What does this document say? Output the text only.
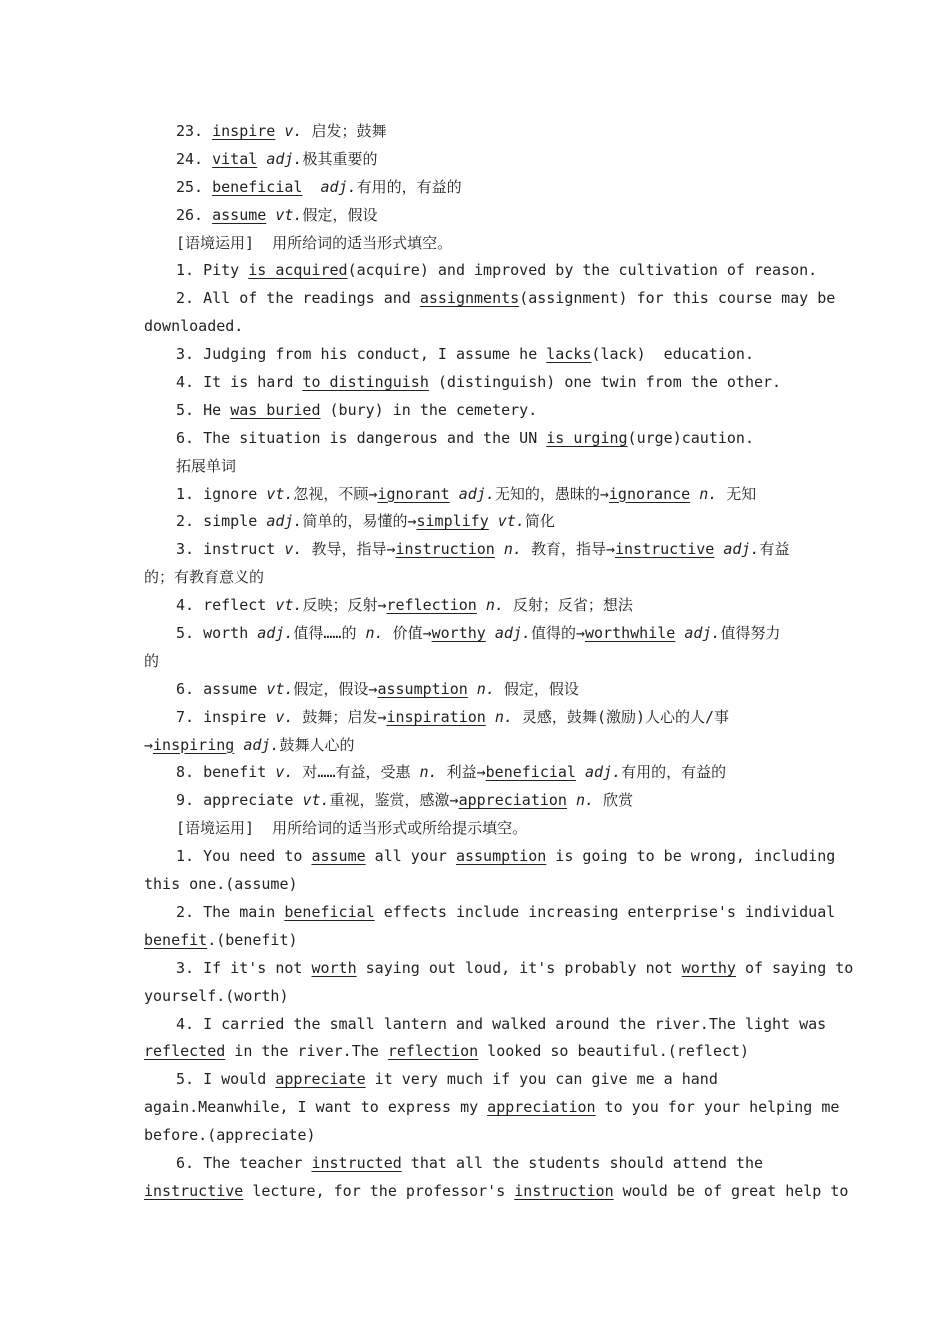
23. inspire v. 启发；鼓舞
24. vital adj.极其重要的
25. beneficial adj.有用的，有益的
26. assume vt.假定，假设
[语境运用]  用所给词的适当形式填空。
1. Pity is acquired(acquire) and improved by the cultivation of reason.
2. All of the readings and assignments(assignment) for this course may be
downloaded.
3. Judging from his conduct, I assume he lacks(lack)  education.
4. It is hard to distinguish (distinguish) one twin from the other.
5. He was buried (bury) in the cemetery.
6. The situation is dangerous and the UN is urging(urge)caution.
拓展单词
1. ignore vt.忽视，不顾→ignorant adj.无知的，愚昧的→ignorance n. 无知
2. simple adj.简单的，易懂的→simplify vt.简化
3. instruct v. 教导，指导→instruction n. 教育，指导→instructive adj.有益
的；有教育意义的
4. reflect vt.反映；反射→reflection n. 反射；反省；想法
5. worth adj.值得……的 n. 价值→worthy adj.值得的→worthwhile adj.值得努力
的
6. assume vt.假定，假设→assumption n. 假定，假设
7. inspire v. 鼓舞；启发→inspiration n. 灵感，鼓舞(激励)人心的人/事
→inspiring adj.鼓舞人心的
8. benefit v. 对……有益，受惠 n. 利益→beneficial adj.有用的，有益的
9. appreciate vt.重视，鉴赏，感激→appreciation n. 欣赏
[语境运用]  用所给词的适当形式或所给提示填空。
1. You need to assume all your assumption is going to be wrong, including
this one.(assume)
2. The main beneficial effects include increasing enterprise's individual
benefit.(benefit)
3. If it's not worth saying out loud, it's probably not worthy of saying to
yourself.(worth)
4. I carried the small lantern and walked around the river.The light was
reflected in the river.The reflection looked so beautiful.(reflect)
5. I would appreciate it very much if you can give me a hand
again.Meanwhile, I want to express my appreciation to you for your helping me
before.(appreciate)
6. The teacher instructed that all the students should attend the
instructive lecture, for the professor's instruction would be of great help to
